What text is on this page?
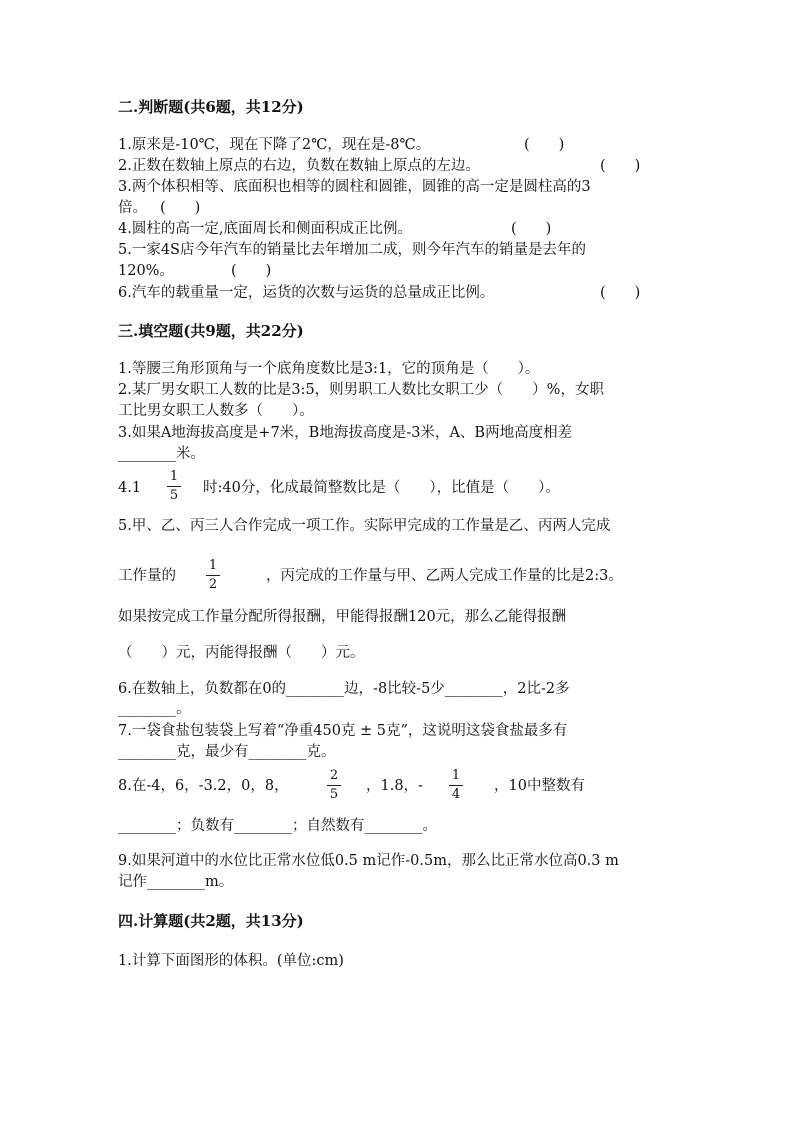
二.判断题(共6题，共12分)
1.原来是-10℃，现在下降了2℃，现在是-8℃。	(　　)
2.正数在数轴上原点的右边，负数在数轴上原点的左边。	(　　)
3.两个体积相等、底面积也相等的圆柱和圆锥，圆锥的高一定是圆柱高的3
倍。 (　　)
4.圆柱的高一定,底面周长和侧面积成正比例。	(　　)
5.一家4S店今年汽车的销量比去年增加二成，则今年汽车的销量是去年的
120%。	(　　)
6.汽车的载重量一定，运货的次数与运货的总量成正比例。	(　　)
三.填空题(共9题，共22分)
1.等腰三角形顶角与一个底角度数比是3:1，它的顶角是（　　）。
2.某厂男女职工人数的比是3:5，则男职工人数比女职工少（　　）%，女职
工比男女职工人数多（　　）。
3.如果A地海拔高度是+7米，B地海拔高度是-3米，A、B两地高度相差
________米。
4.1
1
5 时:40分，化成最简整数比是（　　），比值是（　　）。
5.甲、乙、丙三人合作完成一项工作。实际甲完成的工作量是乙、丙两人完成
工作量的
1
2
，丙完成的工作量与甲、乙两人完成工作量的比是2:3。
如果按完成工作量分配所得报酬，甲能得报酬120元，那么乙能得报酬
（　　）元，丙能得报酬（　　）元。
6.在数轴上，负数都在0的________边，-8比较-5少________，2比-2多
________。
7.一袋食盐包装袋上写着“净重450克 ± 5克”，这说明这袋食盐最多有
________克，最少有________克。
8.在-4，6，-3.2，0，8，
2
5
，1.8，-
1
4
，10中整数有
________；负数有________；自然数有________。
9.如果河道中的水位比正常水位低0.5 m记作-0.5m，那么比正常水位高0.3 m
记作________m。
四.计算题(共2题，共13分)
1.计算下面图形的体积。(单位:cm)
